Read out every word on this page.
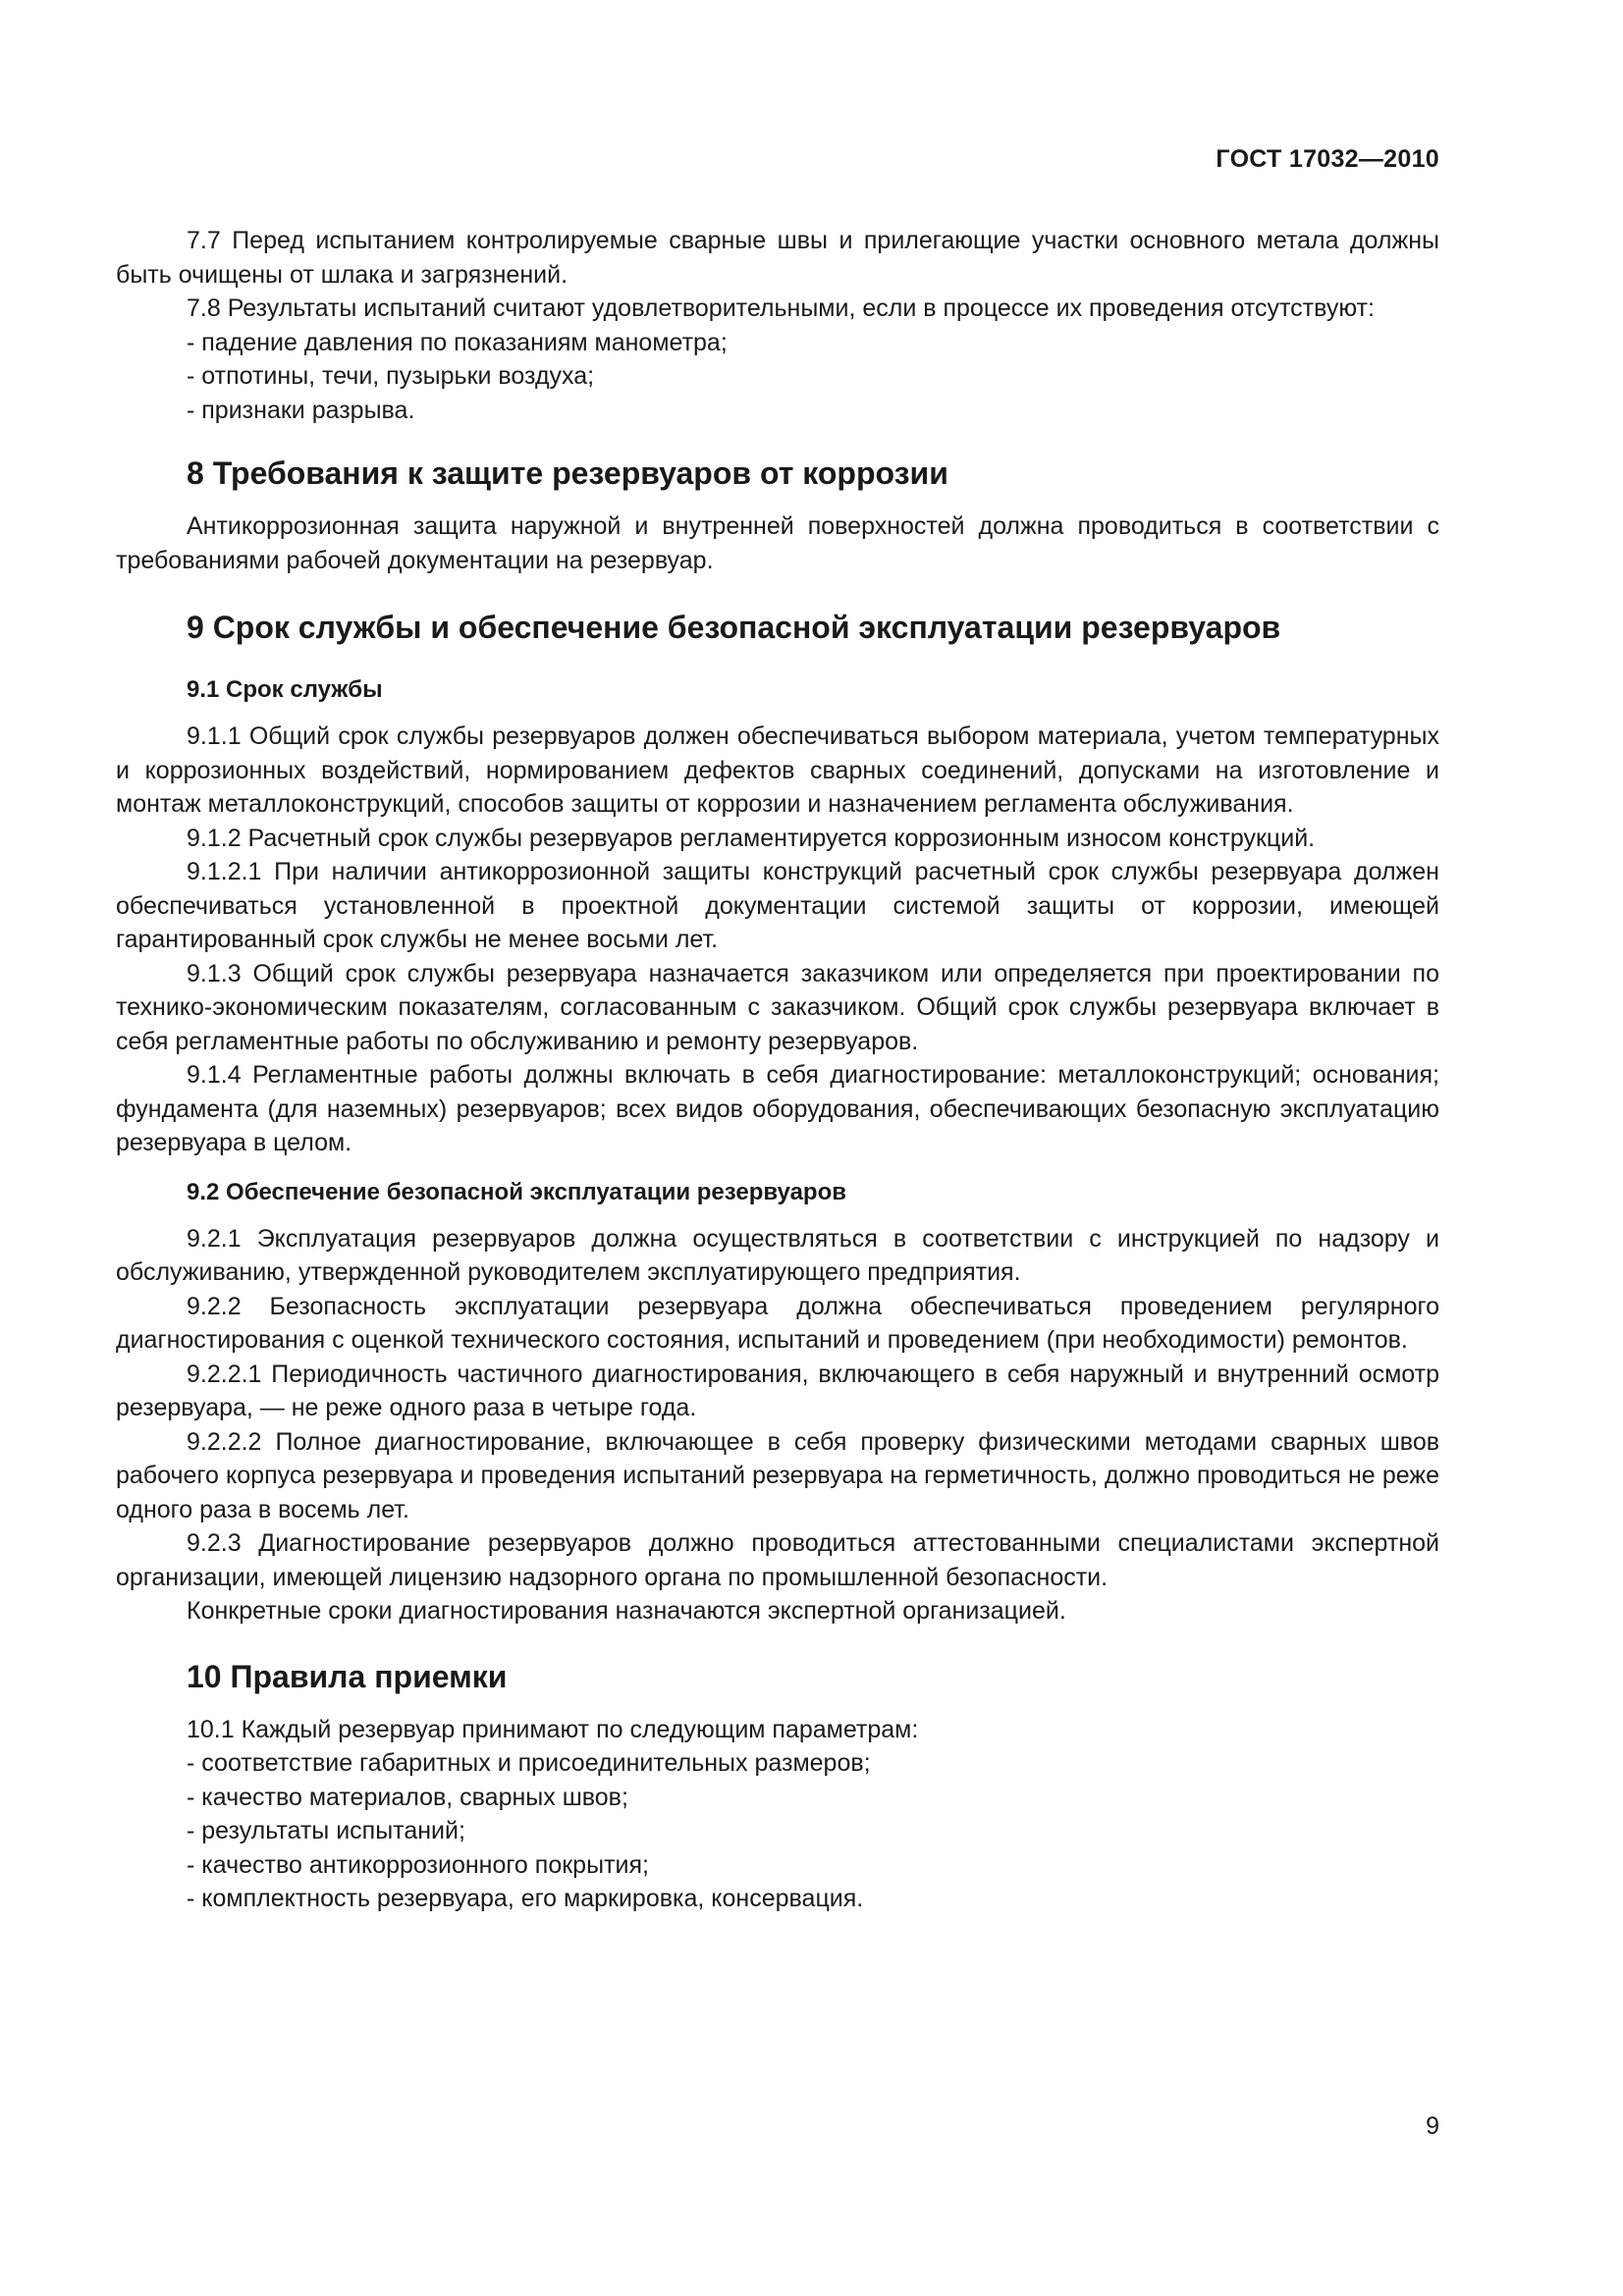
ГОСТ 17032—2010

7.7 Перед испытанием контролируемые сварные швы и прилегающие участки основного метала должны быть очищены от шлака и загрязнений.

7.8 Результаты испытаний считают удовлетворительными, если в процессе их проведения отсутствуют:

- падение давления по показаниям манометра;

- отпотины, течи, пузырьки воздуха;

- признаки разрыва.

8 Требования к защите резервуаров от коррозии

Антикоррозионная защита наружной и внутренней поверхностей должна проводиться в соответствии с требованиями рабочей документации на резервуар.

9 Срок службы и обеспечение безопасной эксплуатации резервуаров
9.1 Срок службы

9.1.1 Общий срок службы резервуаров должен обеспечиваться выбором материала, учетом температурных и коррозионных воздействий, нормированием дефектов сварных соединений, допусками на изготовление и монтаж металлоконструкций, способов защиты от коррозии и назначением регламента обслуживания.

9.1.2 Расчетный срок службы резервуаров регламентируется коррозионным износом конструкций.

9.1.2.1 При наличии антикоррозионной защиты конструкций расчетный срок службы резервуара должен обеспечиваться установленной в проектной документации системой защиты от коррозии, имеющей гарантированный срок службы не менее восьми лет.

9.1.3 Общий срок службы резервуара назначается заказчиком или определяется при проектировании по технико-экономическим показателям, согласованным с заказчиком. Общий срок службы резервуара включает в себя регламентные работы по обслуживанию и ремонту резервуаров.

9.1.4 Регламентные работы должны включать в себя диагностирование: металлоконструкций; основания; фундамента (для наземных) резервуаров; всех видов оборудования, обеспечивающих безопасную эксплуатацию резервуара в целом.

9.2 Обеспечение безопасной эксплуатации резервуаров

9.2.1 Эксплуатация резервуаров должна осуществляться в соответствии с инструкцией по надзору и обслуживанию, утвержденной руководителем эксплуатирующего предприятия.

9.2.2 Безопасность эксплуатации резервуара должна обеспечиваться проведением регулярного диагностирования с оценкой технического состояния, испытаний и проведением (при необходимости) ремонтов.

9.2.2.1 Периодичность частичного диагностирования, включающего в себя наружный и внутренний осмотр резервуара, — не реже одного раза в четыре года.

9.2.2.2 Полное диагностирование, включающее в себя проверку физическими методами сварных швов рабочего корпуса резервуара и проведения испытаний резервуара на герметичность, должно проводиться не реже одного раза в восемь лет.

9.2.3 Диагностирование резервуаров должно проводиться аттестованными специалистами экспертной организации, имеющей лицензию надзорного органа по промышленной безопасности.

Конкретные сроки диагностирования назначаются экспертной организацией.

10 Правила приемки

10.1 Каждый резервуар принимают по следующим параметрам:

- соответствие габаритных и присоединительных размеров;

- качество материалов, сварных швов;

- результаты испытаний;

- качество антикоррозионного покрытия;

- комплектность резервуара, его маркировка, консервация.

9
